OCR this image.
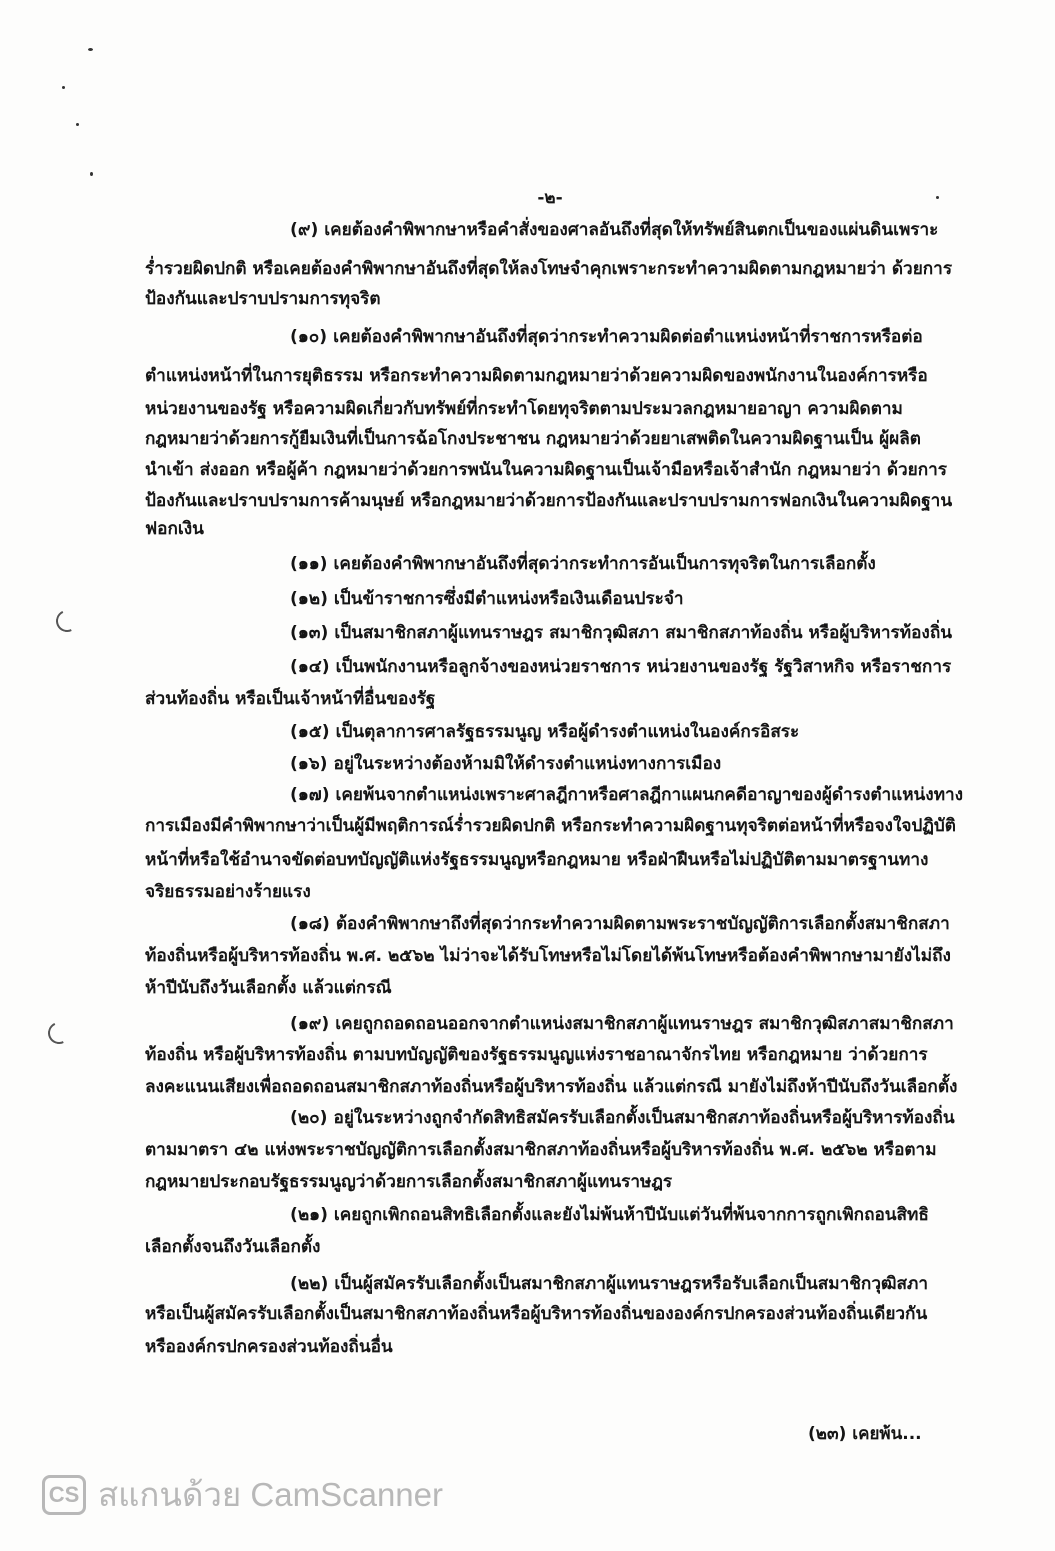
-๒-
(๙) เคยต้องคำพิพากษาหรือคำสั่งของศาลอันถึงที่สุดให้ทรัพย์สินตกเป็นของแผ่นดินเพราะ
ร่ำรวยผิดปกติ หรือเคยต้องคำพิพากษาอันถึงที่สุดให้ลงโทษจำคุกเพราะกระทำความผิดตามกฎหมายว่า ด้วยการ
ป้องกันและปราบปรามการทุจริต
(๑๐) เคยต้องคำพิพากษาอันถึงที่สุดว่ากระทำความผิดต่อตำแหน่งหน้าที่ราชการหรือต่อ
ตำแหน่งหน้าที่ในการยุติธรรม หรือกระทำความผิดตามกฎหมายว่าด้วยความผิดของพนักงานในองค์การหรือ
หน่วยงานของรัฐ หรือความผิดเกี่ยวกับทรัพย์ที่กระทำโดยทุจริตตามประมวลกฎหมายอาญา ความผิดตาม
กฎหมายว่าด้วยการกู้ยืมเงินที่เป็นการฉ้อโกงประชาชน กฎหมายว่าด้วยยาเสพติดในความผิดฐานเป็น ผู้ผลิต
นำเข้า ส่งออก หรือผู้ค้า กฎหมายว่าด้วยการพนันในความผิดฐานเป็นเจ้ามือหรือเจ้าสำนัก กฎหมายว่า ด้วยการ
ป้องกันและปราบปรามการค้ามนุษย์ หรือกฎหมายว่าด้วยการป้องกันและปราบปรามการฟอกเงินในความผิดฐาน
ฟอกเงิน
(๑๑) เคยต้องคำพิพากษาอันถึงที่สุดว่ากระทำการอันเป็นการทุจริตในการเลือกตั้ง
(๑๒) เป็นข้าราชการซึ่งมีตำแหน่งหรือเงินเดือนประจำ
(๑๓) เป็นสมาชิกสภาผู้แทนราษฎร สมาชิกวุฒิสภา สมาชิกสภาท้องถิ่น หรือผู้บริหารท้องถิ่น
(๑๔) เป็นพนักงานหรือลูกจ้างของหน่วยราชการ หน่วยงานของรัฐ รัฐวิสาหกิจ หรือราชการ
ส่วนท้องถิ่น หรือเป็นเจ้าหน้าที่อื่นของรัฐ
(๑๕) เป็นตุลาการศาลรัฐธรรมนูญ หรือผู้ดำรงตำแหน่งในองค์กรอิสระ
(๑๖) อยู่ในระหว่างต้องห้ามมิให้ดำรงตำแหน่งทางการเมือง
(๑๗) เคยพ้นจากตำแหน่งเพราะศาลฎีกาหรือศาลฎีกาแผนกคดีอาญาของผู้ดำรงตำแหน่งทาง
การเมืองมีคำพิพากษาว่าเป็นผู้มีพฤติการณ์ร่ำรวยผิดปกติ หรือกระทำความผิดฐานทุจริตต่อหน้าที่หรือจงใจปฏิบัติ
หน้าที่หรือใช้อำนาจขัดต่อบทบัญญัติแห่งรัฐธรรมนูญหรือกฎหมาย หรือฝ่าฝืนหรือไม่ปฏิบัติตามมาตรฐานทาง
จริยธรรมอย่างร้ายแรง
(๑๘) ต้องคำพิพากษาถึงที่สุดว่ากระทำความผิดตามพระราชบัญญัติการเลือกตั้งสมาชิกสภา
ท้องถิ่นหรือผู้บริหารท้องถิ่น พ.ศ. ๒๕๖๒ ไม่ว่าจะได้รับโทษหรือไม่โดยได้พ้นโทษหรือต้องคำพิพากษามายังไม่ถึง
ห้าปีนับถึงวันเลือกตั้ง แล้วแต่กรณี
(๑๙) เคยถูกถอดถอนออกจากตำแหน่งสมาชิกสภาผู้แทนราษฎร สมาชิกวุฒิสภาสมาชิกสภา
ท้องถิ่น หรือผู้บริหารท้องถิ่น ตามบทบัญญัติของรัฐธรรมนูญแห่งราชอาณาจักรไทย หรือกฎหมาย ว่าด้วยการ
ลงคะแนนเสียงเพื่อถอดถอนสมาชิกสภาท้องถิ่นหรือผู้บริหารท้องถิ่น แล้วแต่กรณี มายังไม่ถึงห้าปีนับถึงวันเลือกตั้ง
(๒๐) อยู่ในระหว่างถูกจำกัดสิทธิสมัครรับเลือกตั้งเป็นสมาชิกสภาท้องถิ่นหรือผู้บริหารท้องถิ่น
ตามมาตรา ๔๒ แห่งพระราชบัญญัติการเลือกตั้งสมาชิกสภาท้องถิ่นหรือผู้บริหารท้องถิ่น พ.ศ. ๒๕๖๒ หรือตาม
กฎหมายประกอบรัฐธรรมนูญว่าด้วยการเลือกตั้งสมาชิกสภาผู้แทนราษฎร
(๒๑) เคยถูกเพิกถอนสิทธิเลือกตั้งและยังไม่พ้นห้าปีนับแต่วันที่พ้นจากการถูกเพิกถอนสิทธิ
เลือกตั้งจนถึงวันเลือกตั้ง
(๒๒) เป็นผู้สมัครรับเลือกตั้งเป็นสมาชิกสภาผู้แทนราษฎรหรือรับเลือกเป็นสมาชิกวุฒิสภา
หรือเป็นผู้สมัครรับเลือกตั้งเป็นสมาชิกสภาท้องถิ่นหรือผู้บริหารท้องถิ่นขององค์กรปกครองส่วนท้องถิ่นเดียวกัน
หรือองค์กรปกครองส่วนท้องถิ่นอื่น
(๒๓) เคยพ้น...
CS สแกนด้วย CamScanner
